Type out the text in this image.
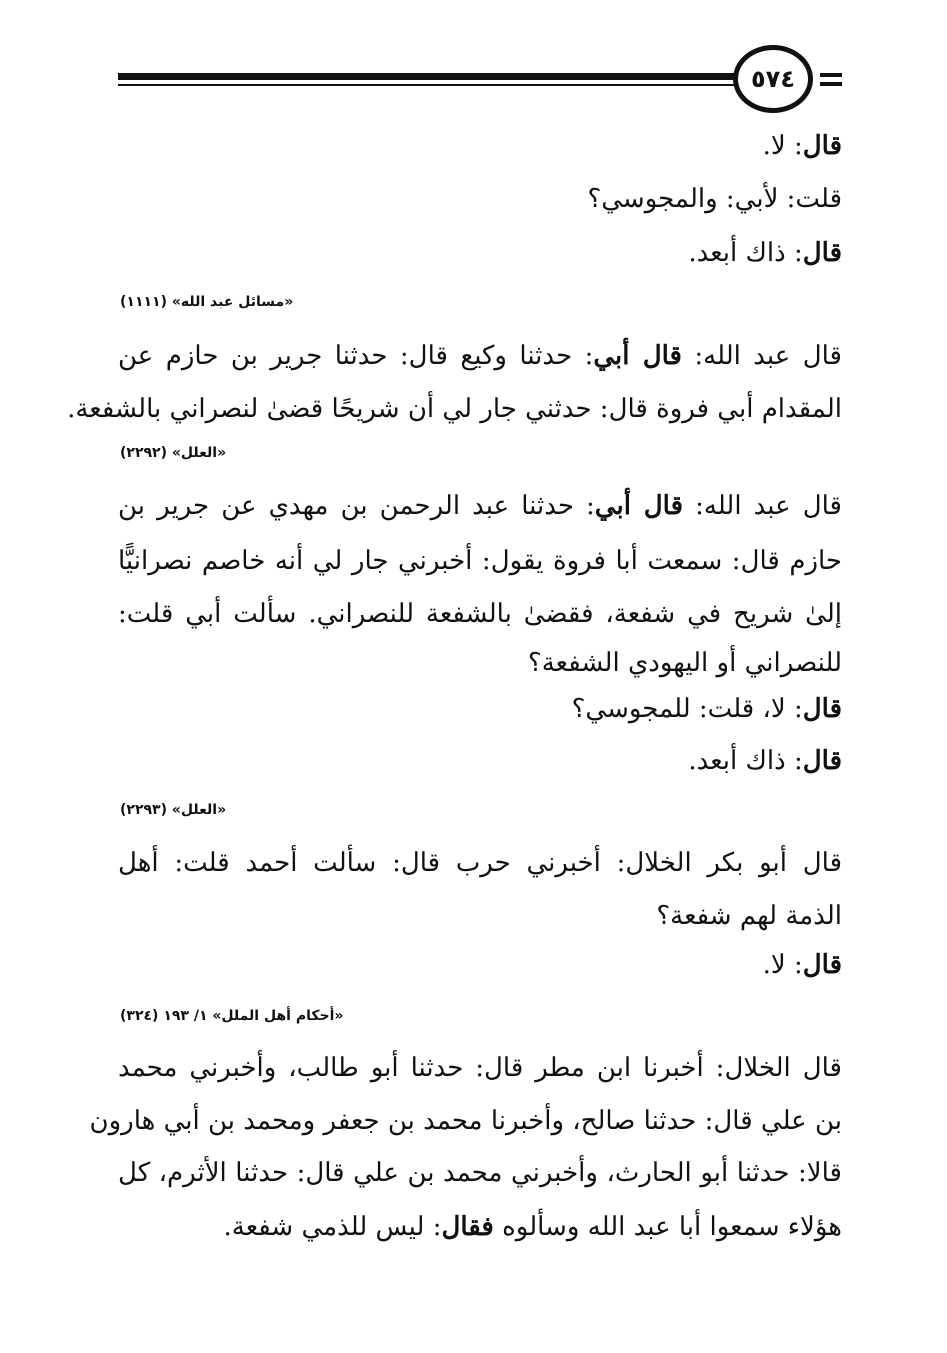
٥٧٤
قال: لا.
قلت: لأبي: والمجوسي؟
قال: ذاك أبعد.
«مسائل عبد الله» (١١١١)
قال عبد الله: قال أبي: حدثنا وكيع قال: حدثنا جرير بن حازم عن
المقدام أبي فروة قال: حدثني جار لي أن شريحًا قضىٰ لنصراني بالشفعة.
«العلل» (٢٢٩٢)
قال عبد الله: قال أبي: حدثنا عبد الرحمن بن مهدي عن جرير بن
حازم قال: سمعت أبا فروة يقول: أخبرني جار لي أنه خاصم نصرانيًّا
إلىٰ شريح في شفعة، فقضىٰ بالشفعة للنصراني. سألت أبي قلت:
للنصراني أو اليهودي الشفعة؟
قال: لا، قلت: للمجوسي؟
قال: ذاك أبعد.
«العلل» (٢٢٩٣)
قال أبو بكر الخلال: أخبرني حرب قال: سألت أحمد قلت: أهل
الذمة لهم شفعة؟
قال: لا.
«أحكام أهل الملل» ١/ ١٩٣ (٣٢٤)
قال الخلال: أخبرنا ابن مطر قال: حدثنا أبو طالب، وأخبرني محمد
بن علي قال: حدثنا صالح، وأخبرنا محمد بن جعفر ومحمد بن أبي هارون
قالا: حدثنا أبو الحارث، وأخبرني محمد بن علي قال: حدثنا الأثرم، كل
هؤلاء سمعوا أبا عبد الله وسألوه فقال: ليس للذمي شفعة.
